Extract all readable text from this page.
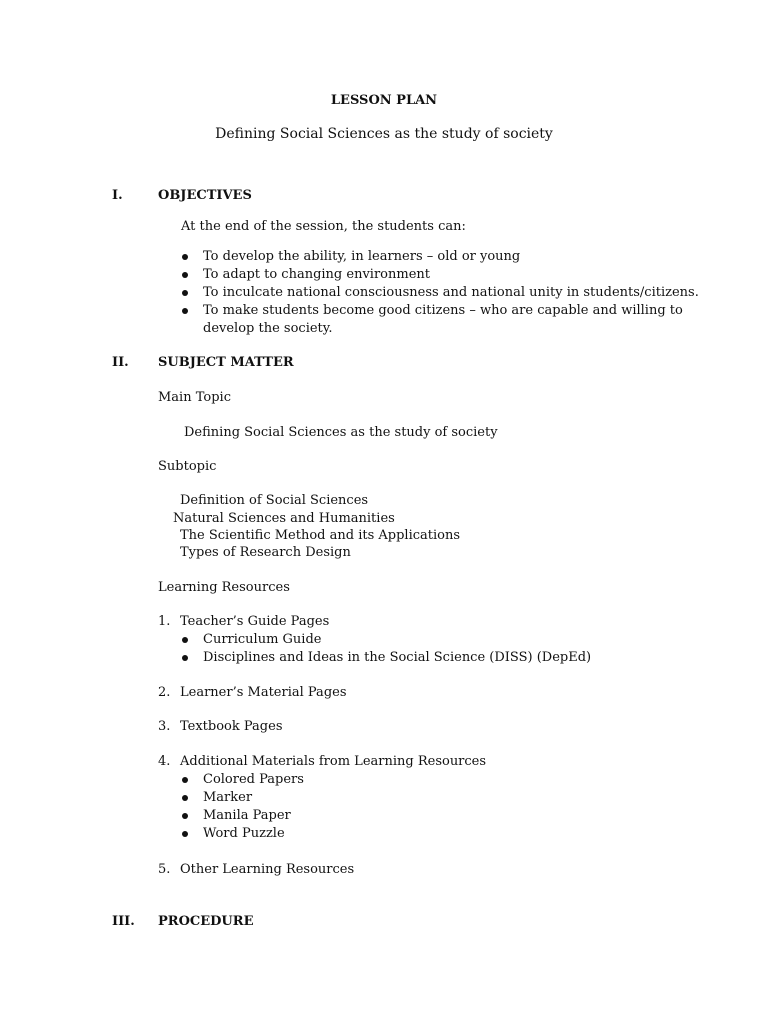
LESSON PLAN
Defining Social Sciences as the study of society
I.	OBJECTIVES
At the end of the session, the students can:
To develop the ability, in learners – old or young
To adapt to changing environment
To inculcate national consciousness and national unity in students/citizens.
To make students become good citizens – who are capable and willing to
develop the society.
II. SUBJECT MATTER
Main Topic
Defining Social Sciences as the study of society
Subtopic
Definition of Social Sciences
Natural Sciences and Humanities
The Scientific Method and its Applications
Types of Research Design
Learning Resources
1. Teacher’s Guide Pages
Curriculum Guide
Disciplines and Ideas in the Social Science (DISS) (DepEd)
2. Learner’s Material Pages
3. Textbook Pages
4. Additional Materials from Learning Resources
Colored Papers
Marker
Manila Paper
Word Puzzle
5. Other Learning Resources
III. PROCEDURE
